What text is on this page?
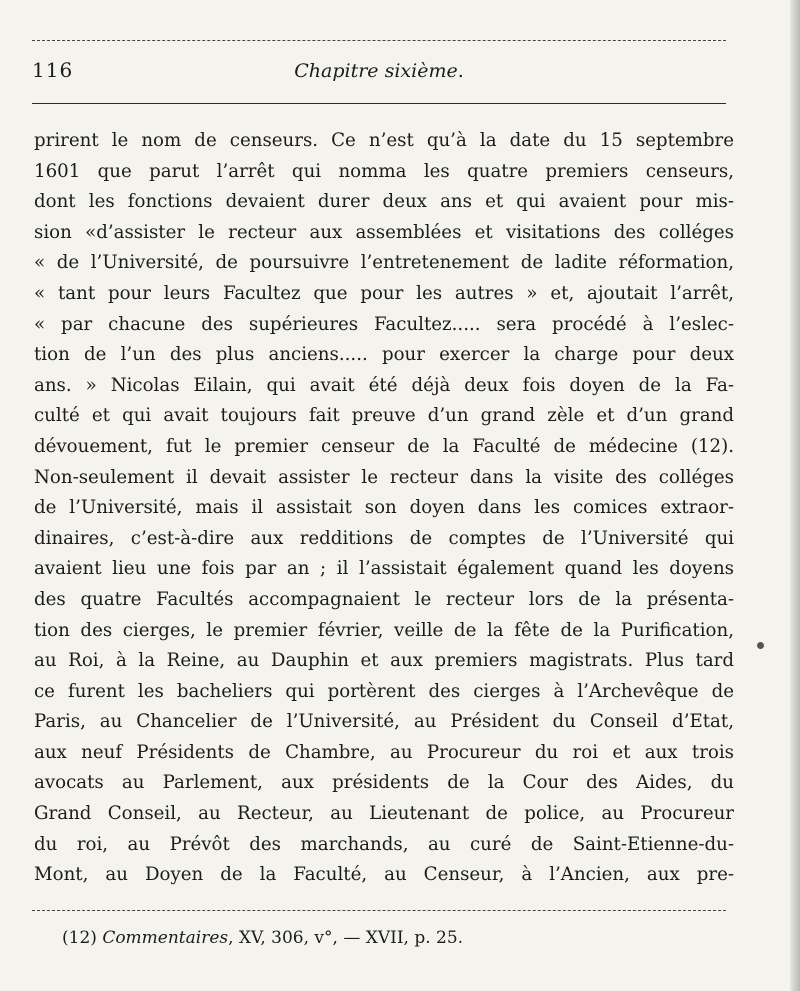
116	Chapitre sixième.
prirent le nom de censeurs. Ce n’est qu’à la date du 15 septembre
1601 que parut l’arrêt qui nomma les quatre premiers censeurs,
dont les fonctions devaient durer deux ans et qui avaient pour mis-
sion «d’assister le recteur aux assemblées et visitations des colléges
« de l’Université, de poursuivre l’entretenement de ladite réformation,
« tant pour leurs Facultez que pour les autres » et, ajoutait l’arrêt,
« par chacune des supérieures Facultez..... sera procédé à l’eslec-
tion de l’un des plus anciens..... pour exercer la charge pour deux
ans. » Nicolas Eilain, qui avait été déjà deux fois doyen de la Fa-
culté et qui avait toujours fait preuve d’un grand zèle et d’un grand
dévouement, fut le premier censeur de la Faculté de médecine (12).
Non-seulement il devait assister le recteur dans la visite des colléges
de l’Université, mais il assistait son doyen dans les comices extraor-
dinaires, c’est-à-dire aux redditions de comptes de l’Université qui
avaient lieu une fois par an ; il l’assistait également quand les doyens
des quatre Facultés accompagnaient le recteur lors de la présenta-
tion des cierges, le premier février, veille de la fête de la Purification,
au Roi, à la Reine, au Dauphin et aux premiers magistrats. Plus tard
ce furent les bacheliers qui portèrent des cierges à l’Archevêque de
Paris, au Chancelier de l’Université, au Président du Conseil d’Etat,
aux neuf Présidents de Chambre, au Procureur du roi et aux trois
avocats au Parlement, aux présidents de la Cour des Aides, du
Grand Conseil, au Recteur, au Lieutenant de police, au Procureur
du roi, au Prévôt des marchands, au curé de Saint-Etienne-du-
Mont, au Doyen de la Faculté, au Censeur, à l’Ancien, aux pre-
(12) Commentaires, XV, 306, v°, — XVII, p. 25.
